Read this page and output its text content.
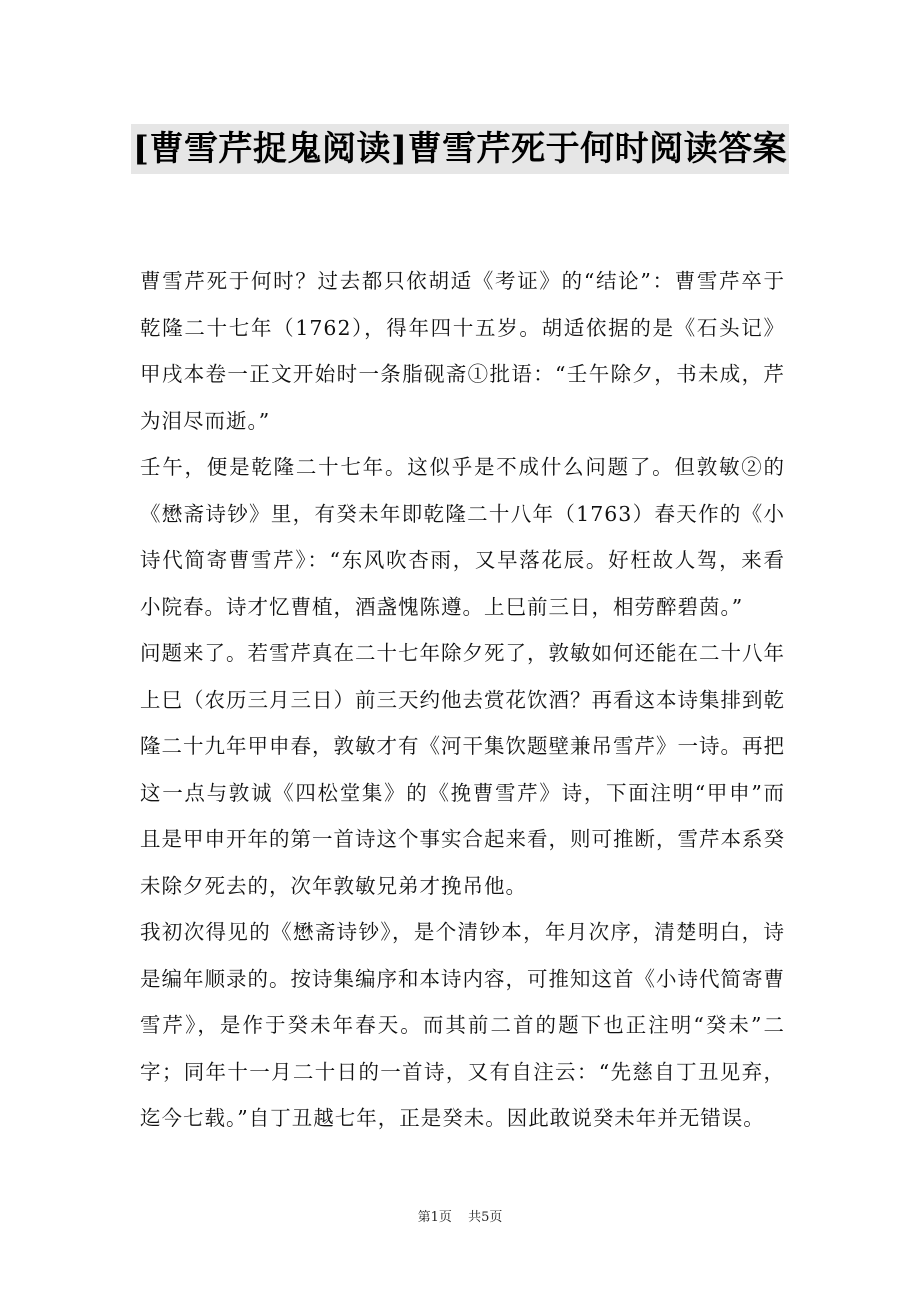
[曹雪芹捉鬼阅读]曹雪芹死于何时阅读答案

曹雪芹死于何时？过去都只依胡适《考证》的“结论”：曹雪芹卒于乾隆二十七年（1762），得年四十五岁。胡适依据的是《石头记》甲戌本卷一正文开始时一条脂砚斋①批语：“壬午除夕，书未成，芹为泪尽而逝。”

壬午，便是乾隆二十七年。这似乎是不成什么问题了。但敦敏②的《懋斋诗钞》里，有癸未年即乾隆二十八年（1763）春天作的《小诗代简寄曹雪芹》：“东风吹杏雨，又早落花辰。好枉故人驾，来看小院春。诗才忆曹植，酒盏愧陈遵。上巳前三日，相劳醉碧茵。”

问题来了。若雪芹真在二十七年除夕死了，敦敏如何还能在二十八年上巳（农历三月三日）前三天约他去赏花饮酒？再看这本诗集排到乾隆二十九年甲申春，敦敏才有《河干集饮题壁兼吊雪芹》一诗。再把这一点与敦诚《四松堂集》的《挽曹雪芹》诗，下面注明“甲申”而且是甲申开年的第一首诗这个事实合起来看，则可推断，雪芹本系癸未除夕死去的，次年敦敏兄弟才挽吊他。

我初次得见的《懋斋诗钞》，是个清钞本，年月次序，清楚明白，诗是编年顺录的。按诗集编序和本诗内容，可推知这首《小诗代简寄曹雪芹》，是作于癸未年春天。而其前二首的题下也正注明“癸未”二字；同年十一月二十日的一首诗，又有自注云：“先慈自丁丑见弃，迄今七载。”自丁丑越七年，正是癸未。因此敢说癸未年并无错误。

第1页 共5页
